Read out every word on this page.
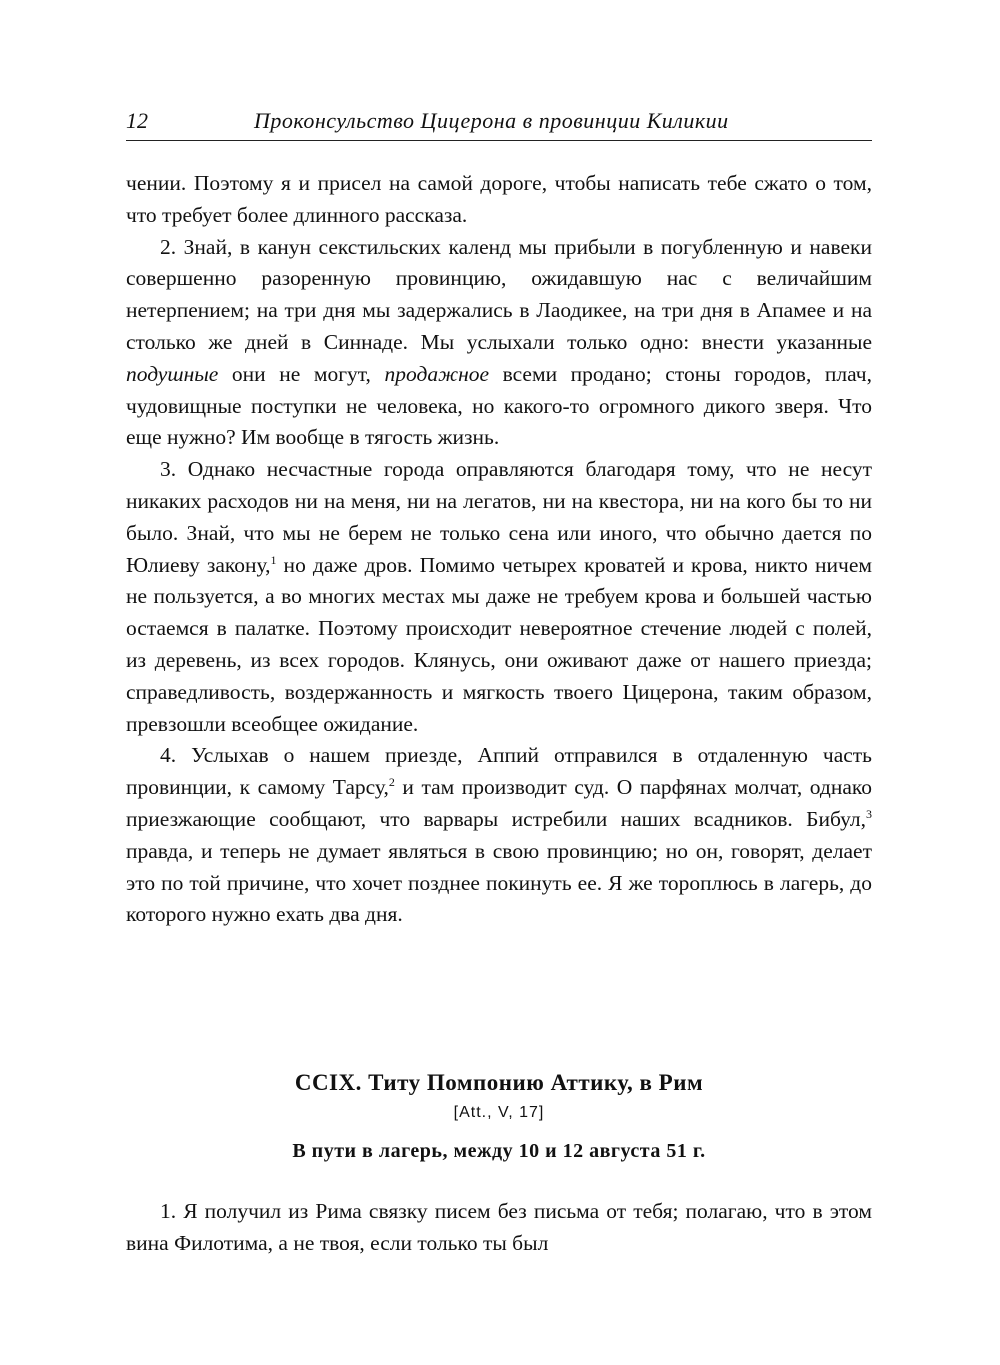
12	Проконсульство Цицерона в провинции Киликии

чении. Поэтому я и присел на самой дороге, чтобы написать тебе сжато о том, что требует более длинного рассказа.

2. Знай, в канун секстильских календ мы прибыли в погубленную и навеки совершенно разоренную провинцию, ожидавшую нас с величайшим нетерпением; на три дня мы задержались в Лаодикее, на три дня в Апамее и на столько же дней в Синнаде. Мы услыхали только одно: внести указанные подушные они не могут, продажное всеми продано; стоны городов, плач, чудовищные поступки не человека, но какого-то огромного дикого зверя. Что еще нужно? Им вообще в тягость жизнь.

3. Однако несчастные города оправляются благодаря тому, что не несут никаких расходов ни на меня, ни на легатов, ни на квестора, ни на кого бы то ни было. Знай, что мы не берем не только сена или иного, что обычно дается по Юлиеву закону,$^1$ но даже дров. Помимо четырех кроватей и крова, никто ничем не пользуется, а во многих местах мы даже не требуем крова и большей частью остаемся в палатке. Поэтому происходит невероятное стечение людей с полей, из деревень, из всех городов. Клянусь, они оживают даже от нашего приезда; справедливость, воздержанность и мягкость твоего Цицерона, таким образом, превзошли всеобщее ожидание.

4. Услыхав о нашем приезде, Аппий отправился в отдаленную часть провинции, к самому Тарсу,$^2$ и там производит суд. О парфянах молчат, однако приезжающие сообщают, что варвары истребили наших всадников. Бибул,$^3$ правда, и теперь не думает являться в свою провинцию; но он, говорят, делает это по той причине, что хочет позднее покинуть ее. Я же тороплюсь в лагерь, до которого нужно ехать два дня.

CCIX. Титу Помпонию Аттику, в Рим
[Att., V, 17]
В пути в лагерь, между 10 и 12 августа 51 г.

1. Я получил из Рима связку писем без письма от тебя; полагаю, что в этом вина Филотима, а не твоя, если только ты был
